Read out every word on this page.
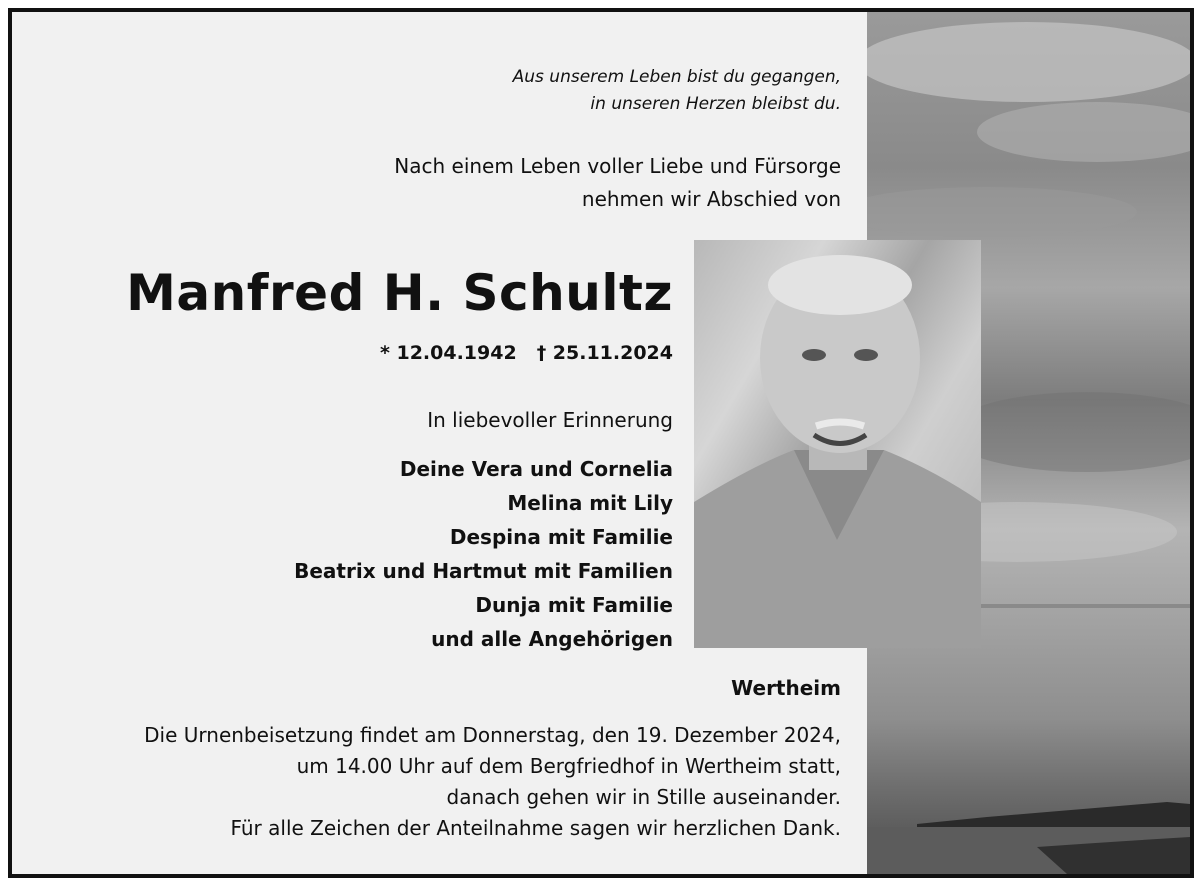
Aus unserem Leben bist du gegangen,
in unseren Herzen bleibst du.
Nach einem Leben voller Liebe und Fürsorge
nehmen wir Abschied von
Manfred H. Schultz
* 12.04.1942 † 25.11.2024
In liebevoller Erinnerung
Deine Vera und Cornelia
Melina mit Lily
Despina mit Familie
Beatrix und Hartmut mit Familien
Dunja mit Familie
und alle Angehörigen
Wertheim
Die Urnenbeisetzung findet am Donnerstag, den 19. Dezember 2024,
um 14.00 Uhr auf dem Bergfriedhof in Wertheim statt,
danach gehen wir in Stille auseinander.
Für alle Zeichen der Anteilnahme sagen wir herzlichen Dank.
